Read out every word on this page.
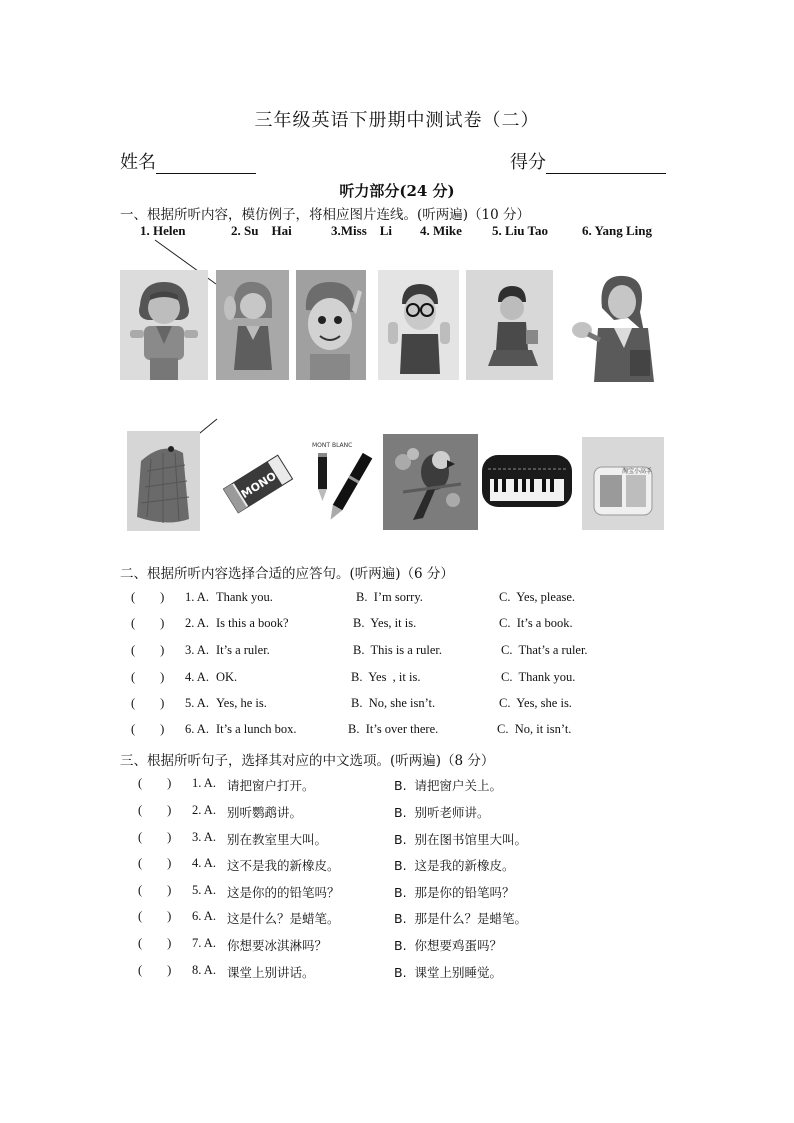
三年级英语下册期中测试卷（二）
姓名	得分
听力部分(24 分)
一、根据所听内容，模仿例子，将相应图片连线。(听两遍)（10 分）
1. Helen	2. Su    Hai	3.Miss    Li 4. Mike 5. Liu Tao	6. Yang Ling
MONO
MONT BLANC
淘宝小高手
二、根据所听内容选择合适的应答句。(听两遍)（6 分）
(        ) 1. A. Thank you.	B.  I’m sorry.	C.  Yes, please.
(        ) 2. A. Is this a book?	B.  Yes, it is.	C.  It’s a book.
(        ) 3. A. It’s a ruler.	B.  This is a ruler.	C.  That’s a ruler.
(        ) 4. A. OK.	B.  Yes  , it is.	C.  Thank you.
(        ) 5. A. Yes, he is.	B.  No, she isn’t.	C.  Yes, she is.
(        ) 6. A. It’s a lunch box.	B.  It’s over there.	C.  No, it isn’t.
三、根据所听句子，选择其对应的中文选项。(听两遍)（8 分）
(        ) 1. A. 请把窗户打开。	B.  请把窗户关上。
(        ) 2. A. 别听鹦鹉讲。	B.  别听老师讲。
(        ) 3. A. 别在教室里大叫。	B.  别在图书馆里大叫。
(        ) 4. A. 这不是我的新橡皮。	B.  这是我的新橡皮。
(        ) 5. A. 这是你的的铅笔吗？	B.  那是你的铅笔吗？
(        ) 6. A. 这是什么？是蜡笔。	B.  那是什么？是蜡笔。
(        ) 7. A. 你想要冰淇淋吗？	B.  你想要鸡蛋吗？
(        ) 8. A. 课堂上别讲话。	B.  课堂上别睡觉。
